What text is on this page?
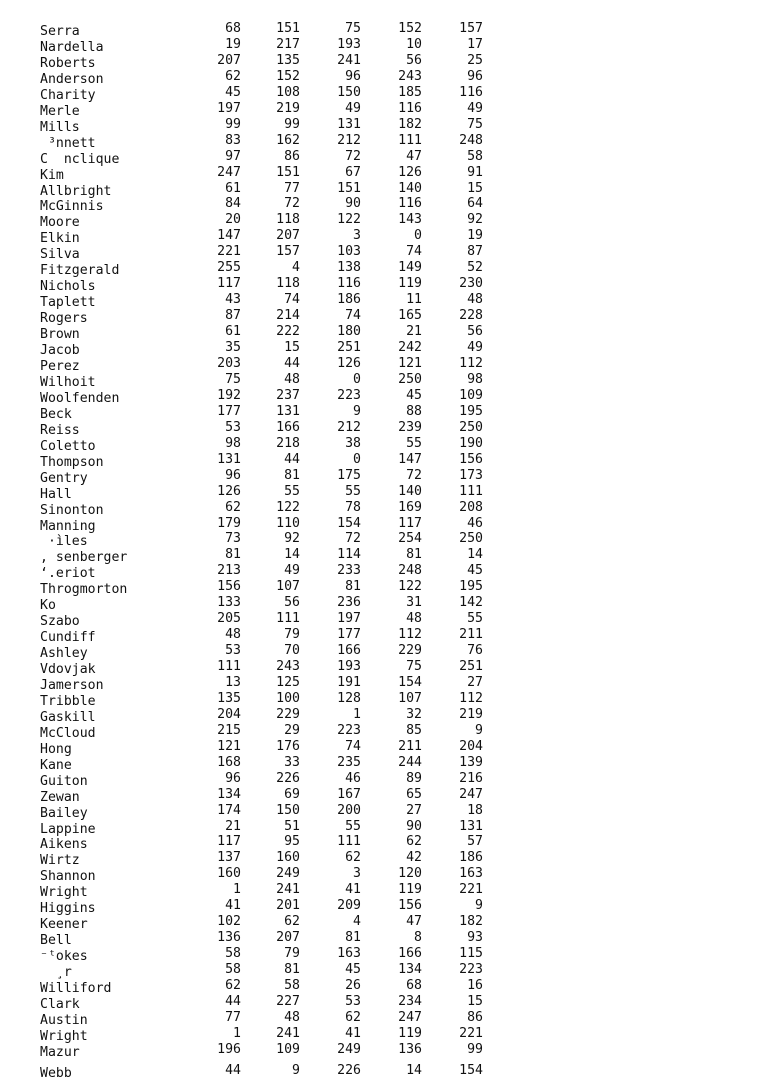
Serra	68	151	75	152	157
Nardella	19	217	193	10	17
Roberts	207	135	241	56	25
Anderson	62	152	96	243	96
Charity	45	108	150	185	116
Merle	197	219	49	116	49
Mills	99	99	131	182	75
³nnett	83	162	212	111	248
C  nclique	97	86	72	47	58
Kim	247	151	67	126	91
Allbright	61	77	151	140	15
McGinnis	84	72	90	116	64
Moore	20	118	122	143	92
Elkin	147	207	3	0	19
Silva	221	157	103	74	87
Fitzgerald	255	4	138	149	52
Nichols	117	118	116	119	230
Taplett	43	74	186	11	48
Rogers	87	214	74	165	228
Brown	61	222	180	21	56
Jacob	35	15	251	242	49
Perez	203	44	126	121	112
Wilhoit	75	48	0	250	98
Woolfenden	192	237	223	45	109
Beck	177	131	9	88	195
Reiss	53	166	212	239	250
Coletto	98	218	38	55	190
Thompson	131	44	0	147	156
Gentry	96	81	175	72	173
Hall	126	55	55	140	111
Sinonton	62	122	78	169	208
Manning	179	110	154	117	46
·ìles	73	92	72	254	250
, senberger	81	14	114	81	14
‘.eriot	213	49	233	248	45
Throgmorton	156	107	81	122	195
Ko	133	56	236	31	142
Szabo	205	111	197	48	55
Cundiff	48	79	177	112	211
Ashley	53	70	166	229	76
Vdovjak	111	243	193	75	251
Jamerson	13	125	191	154	27
Tribble	135	100	128	107	112
Gaskill	204	229	1	32	219
McCloud	215	29	223	85	9
Hong	121	176	74	211	204
Kane	168	33	235	244	139
Guiton	96	226	46	89	216
Zewan	134	69	167	65	247
Bailey	174	150	200	27	18
Lappine	21	51	55	90	131
Aikens	117	95	111	62	57
Wirtz	137	160	62	42	186
Shannon	160	249	3	120	163
Wright	1	241	41	119	221
Higgins	41	201	209	156	9
Keener	102	62	4	47	182
Bell	136	207	81	8	93
⁻ᵗokes	58	79	163	166	115
¸r	58	81	45	134	223
Williford	62	58	26	68	16
Clark	44	227	53	234	15
Austin	77	48	62	247	86
Wright	1	241	41	119	221
Mazur	196	109	249	136	99
Webb	44	9	226	14	154
